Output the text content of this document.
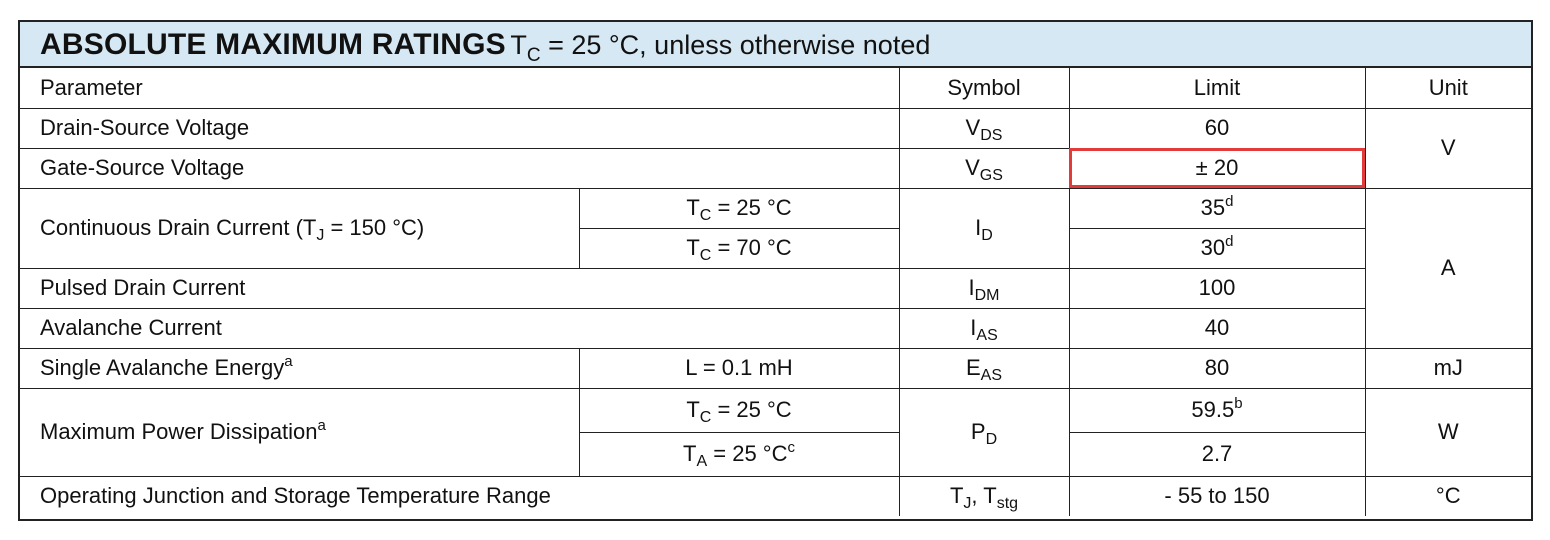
ABSOLUTE MAXIMUM RATINGS $T_C = 25$ °C, unless otherwise noted
Parameter		Symbol	Limit	Unit
Drain-Source Voltage		$V_{DS}$	60	V
Gate-Source Voltage		$V_{GS}$	± 20	
Continuous Drain Current ($T_J = 150$ °C)	$T_C = 25$ °C	$I_D$	35$^d$	A
	$T_C = 70$ °C		30$^d$
Pulsed Drain Current		$I_{DM}$	100	
Avalanche Current		$I_{AS}$	40	
Single Avalanche Energy$^a$	L = 0.1 mH	$E_{AS}$	80	mJ
Maximum Power Dissipation$^a$	$T_C = 25$ °C	$P_D$	59.5$^b$	W
	$T_A = 25$ $^\circ C^c$		2.7	
Operating Junction and Storage Temperature Range		$T_J$, $T_{stg}$	- 55 to 150	°C
